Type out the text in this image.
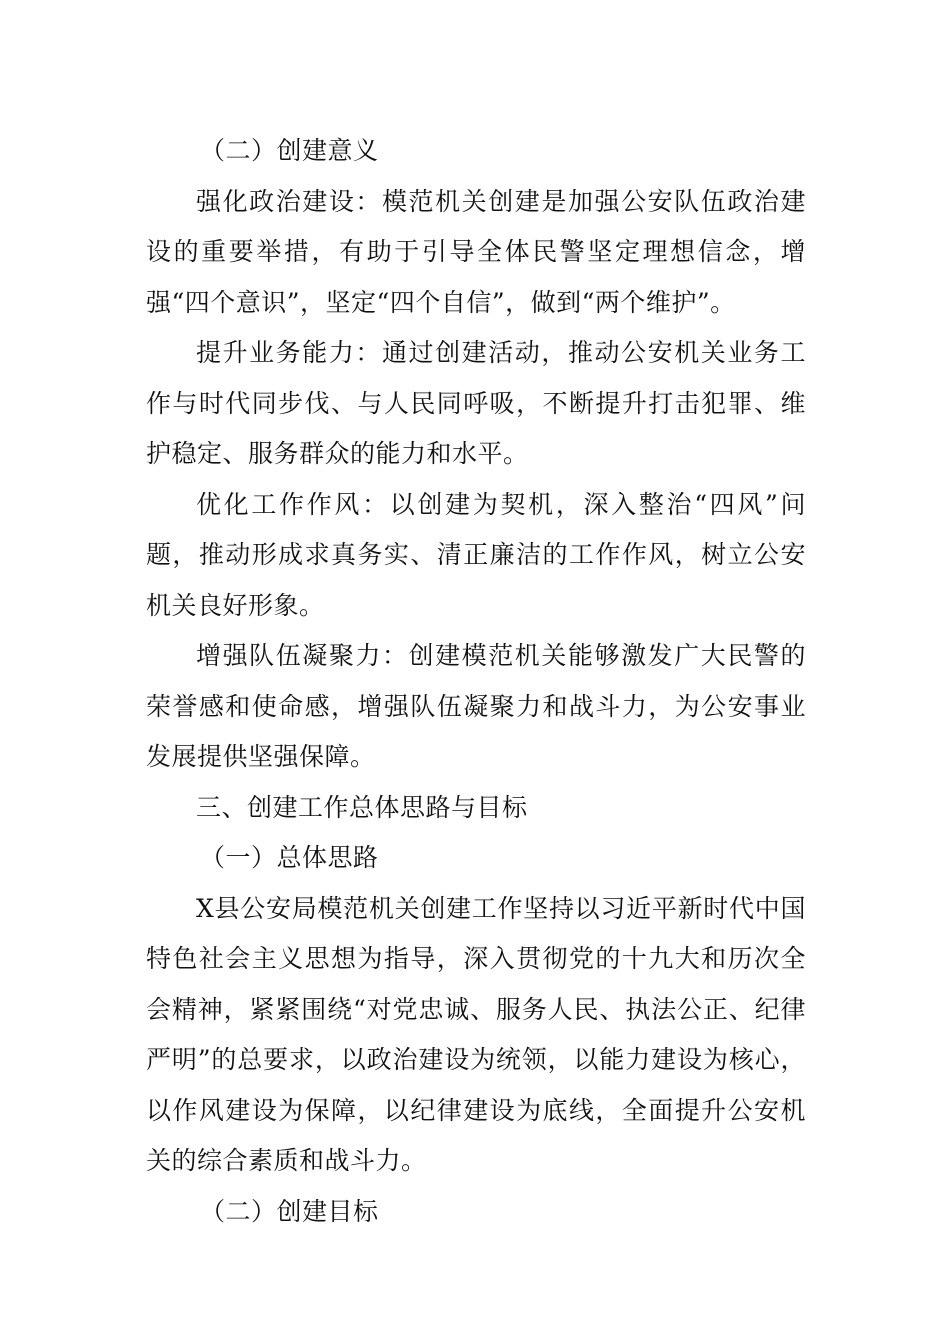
（二）创建意义

强化政治建设：模范机关创建是加强公安队伍政治建设的重要举措，有助于引导全体民警坚定理想信念，增强“四个意识”，坚定“四个自信”，做到“两个维护”。

提升业务能力：通过创建活动，推动公安机关业务工作与时代同步伐、与人民同呼吸，不断提升打击犯罪、维护稳定、服务群众的能力和水平。

优化工作作风：以创建为契机，深入整治“四风”问题，推动形成求真务实、清正廉洁的工作作风，树立公安机关良好形象。

增强队伍凝聚力：创建模范机关能够激发广大民警的荣誉感和使命感，增强队伍凝聚力和战斗力，为公安事业发展提供坚强保障。

三、创建工作总体思路与目标

（一）总体思路

X县公安局模范机关创建工作坚持以习近平新时代中国特色社会主义思想为指导，深入贯彻党的十九大和历次全会精神，紧紧围绕“对党忠诚、服务人民、执法公正、纪律严明”的总要求，以政治建设为统领，以能力建设为核心，以作风建设为保障，以纪律建设为底线，全面提升公安机关的综合素质和战斗力。

（二）创建目标
